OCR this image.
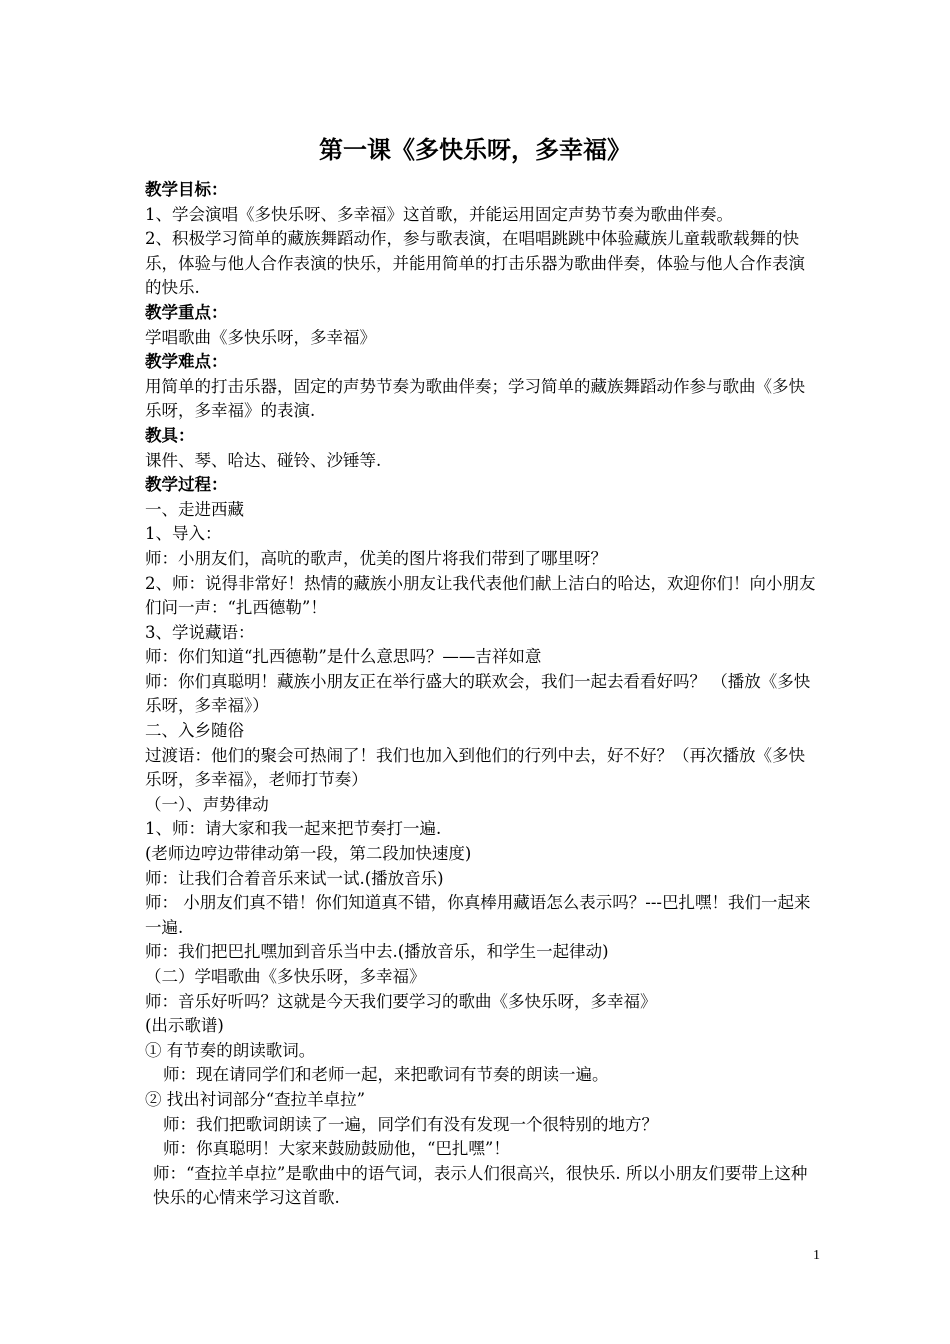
第一课《多快乐呀，多幸福》

教学目标：

1、学会演唱《多快乐呀、多幸福》这首歌，并能运用固定声势节奏为歌曲伴奏。

2、积极学习简单的藏族舞蹈动作，参与歌表演，在唱唱跳跳中体验藏族儿童载歌载舞的快乐，体验与他人合作表演的快乐，并能用简单的打击乐器为歌曲伴奏，体验与他人合作表演的快乐.

教学重点：

学唱歌曲《多快乐呀，多幸福》

教学难点：

用简单的打击乐器，固定的声势节奏为歌曲伴奏；学习简单的藏族舞蹈动作参与歌曲《多快乐呀，多幸福》的表演.

教具：

课件、琴、哈达、碰铃、沙锤等.

教学过程：

一、走进西藏

1、导入：

师：小朋友们，高吭的歌声，优美的图片将我们带到了哪里呀？

2、师：说得非常好！热情的藏族小朋友让我代表他们献上洁白的哈达，欢迎你们！向小朋友们问一声：“扎西德勒”！

3、学说藏语：

师：你们知道“扎西德勒”是什么意思吗？——吉祥如意

师：你们真聪明！藏族小朋友正在举行盛大的联欢会，我们一起去看看好吗？ （播放《多快乐呀，多幸福》）

二、入乡随俗

过渡语：他们的聚会可热闹了！我们也加入到他们的行列中去，好不好？（再次播放《多快乐呀，多幸福》，老师打节奏）

（一）、声势律动

1、师：请大家和我一起来把节奏打一遍.

(老师边哼边带律动第一段，第二段加快速度)

师：让我们合着音乐来试一试.(播放音乐)

师： 小朋友们真不错！你们知道真不错，你真棒用藏语怎么表示吗？---巴扎嘿！我们一起来一遍.

师：我们把巴扎嘿加到音乐当中去.(播放音乐，和学生一起律动)

（二）学唱歌曲《多快乐呀，多幸福》

师：音乐好听吗？这就是今天我们要学习的歌曲《多快乐呀，多幸福》

(出示歌谱)

① 有节奏的朗读歌词。

师：现在请同学们和老师一起，来把歌词有节奏的朗读一遍。

② 找出衬词部分“查拉羊卓拉”

师：我们把歌词朗读了一遍，同学们有没有发现一个很特别的地方？

师：你真聪明！大家来鼓励鼓励他，“巴扎嘿”！

师：“查拉羊卓拉”是歌曲中的语气词，表示人们很高兴，很快乐. 所以小朋友们要带上这种快乐的心情来学习这首歌.

1
